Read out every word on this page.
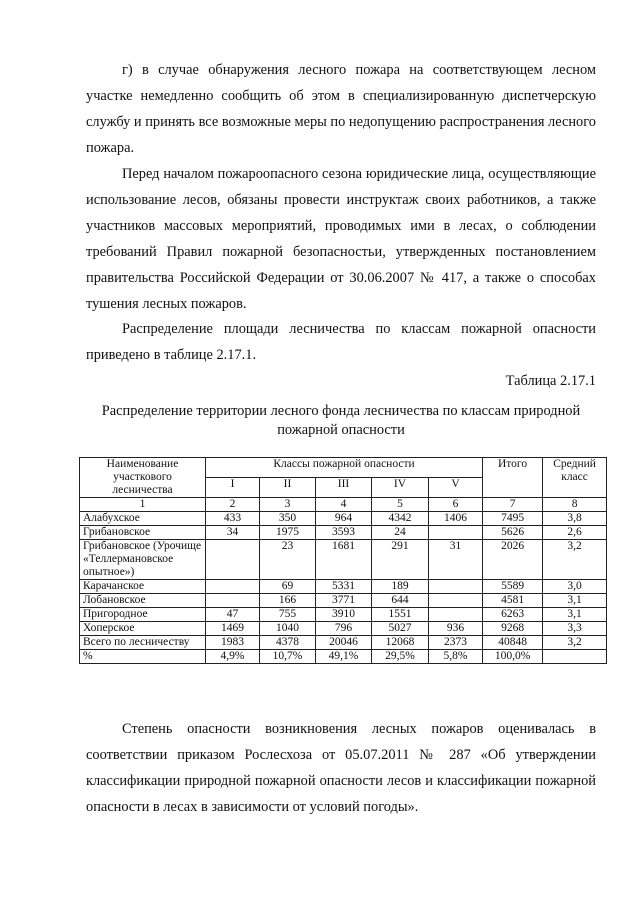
г) в случае обнаружения лесного пожара на соответствующем лесном участке немедленно сообщить об этом в специализированную диспетчерскую службу и принять все возможные меры по недопущению распространения лесного пожара.

Перед началом пожароопасного сезона юридические лица, осуществляющие использование лесов, обязаны провести инструктаж своих работников, а также участников массовых мероприятий, проводимых ими в лесах, о соблюдении требований Правил пожарной безопасностьи, утвержденных постановлением правительства Российской Федерации от 30.06.2007 № 417, а также о способах тушения лесных пожаров.

Распределение площади лесничества по классам пожарной опасности приведено в таблице 2.17.1.

Таблица 2.17.1

Распределение территории лесного фонда лесничества по классам природной пожарной опасности

Наименование участкового лесничества	Классы пожарной опасности					Итого	Средний класс
	I	II	III	IV	V		
1	2	3	4	5	6	7	8
Алабухское	433	350	964	4342	1406	7495	3,8
Грибановское	34	1975	3593	24		5626	2,6
Грибановское (Урочище «Теллермановское опытное»)		23	1681	291	31	2026	3,2
Карачанское		69	5331	189		5589	3,0
Лобановское		166	3771	644		4581	3,1
Пригородное	47	755	3910	1551		6263	3,1
Хоперское	1469	1040	796	5027	936	9268	3,3
Всего по лесничеству	1983	4378	20046	12068	2373	40848	3,2
%	4,9%	10,7%	49,1%	29,5%	5,8%	100,0%	

Степень опасности возникновения лесных пожаров оценивалась в соответствии приказом Рослесхоза от 05.07.2011 № 287 «Об утверждении классификации природной пожарной опасности лесов и классификации пожарной опасности в лесах в зависимости от условий погоды».
